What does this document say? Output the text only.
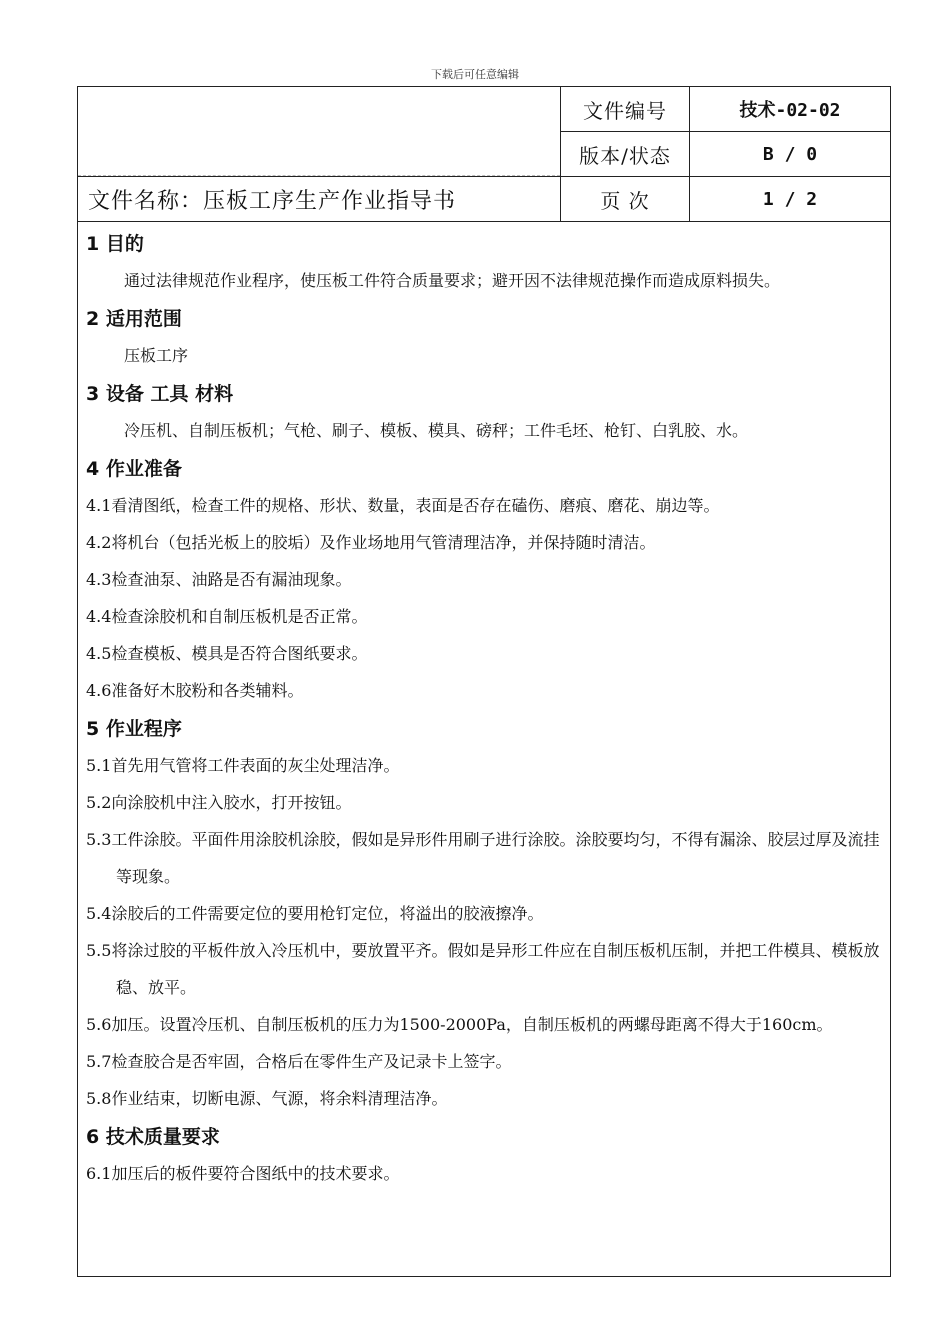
下载后可任意编辑
文件编号	技术-02-02
版本/状态	B / 0
文件名称：压板工序生产作业指导书	页 次	1 / 2
1 目的
通过法律规范作业程序，使压板工件符合质量要求；避开因不法律规范操作而造成原料损失。
2 适用范围
压板工序
3 设备 工具 材料
冷压机、自制压板机；气枪、刷子、模板、模具、磅秤；工件毛坯、枪钉、白乳胶、水。
4 作业准备
4.1看清图纸，检查工件的规格、形状、数量，表面是否存在磕伤、磨痕、磨花、崩边等。
4.2将机台（包括光板上的胶垢）及作业场地用气管清理洁净，并保持随时清洁。
4.3检查油泵、油路是否有漏油现象。
4.4检查涂胶机和自制压板机是否正常。
4.5检查模板、模具是否符合图纸要求。
4.6准备好木胶粉和各类辅料。
5 作业程序
5.1首先用气管将工件表面的灰尘处理洁净。
5.2向涂胶机中注入胶水，打开按钮。
5.3工件涂胶。平面件用涂胶机涂胶，假如是异形件用刷子进行涂胶。涂胶要均匀，不得有漏涂、胶层过厚及流挂等现象。
5.4涂胶后的工件需要定位的要用枪钉定位，将溢出的胶液擦净。
5.5将涂过胶的平板件放入冷压机中，要放置平齐。假如是异形工件应在自制压板机压制，并把工件模具、模板放稳、放平。
5.6加压。设置冷压机、自制压板机的压力为1500-2000Pa，自制压板机的两螺母距离不得大于160cm。
5.7检查胶合是否牢固，合格后在零件生产及记录卡上签字。
5.8作业结束，切断电源、气源，将余料清理洁净。
6 技术质量要求
6.1加压后的板件要符合图纸中的技术要求。
